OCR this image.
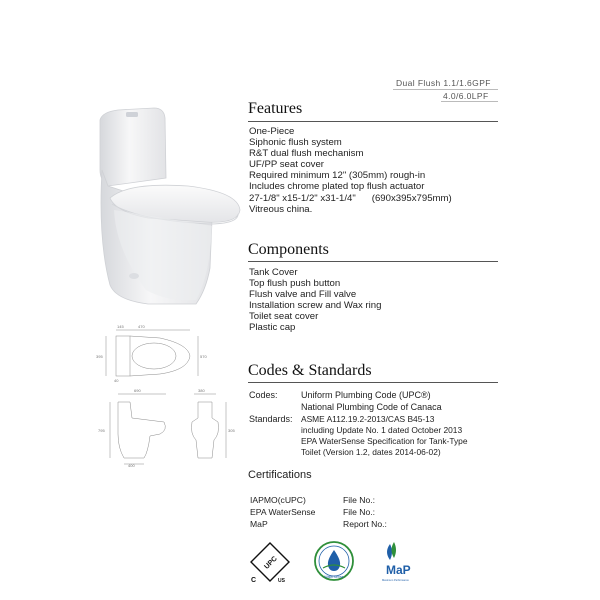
Dual Flush 1.1/1.6GPF
4.0/6.0LPF
145	470
395	570
40
690
795
400
380
305
Features
One-Piece
Siphonic flush system
R&T dual flush mechanism
UF/PP seat cover
Required minimum 12" (305mm) rough-in
Includes chrome plated top flush actuator
27-1/8" x15-1/2" x31-1/4" (690x395x795mm)
Vitreous china.
Components
Tank Cover
Top flush push button
Flush valve and Fill valve
Installation screw and Wax ring
Toilet seat cover
Plastic cap
Codes & Standards
Codes:	Uniform Plumbing Code (UPC®)
National Plumbing Code of Canaca
Standards: ASME A112.19.2-2013/CAS B45-13
including Update No. 1 dated October 2013
EPA WaterSense Specification for Tank-Type
Toilet (Version 1.2, dates 2014-06-02)
Certifications
IAPMO(cUPC)	File No.:
EPA WaterSense	File No.:
MaP	Report No.:
UPC
C	US
WaterSense	MaP
Maximum Performance
